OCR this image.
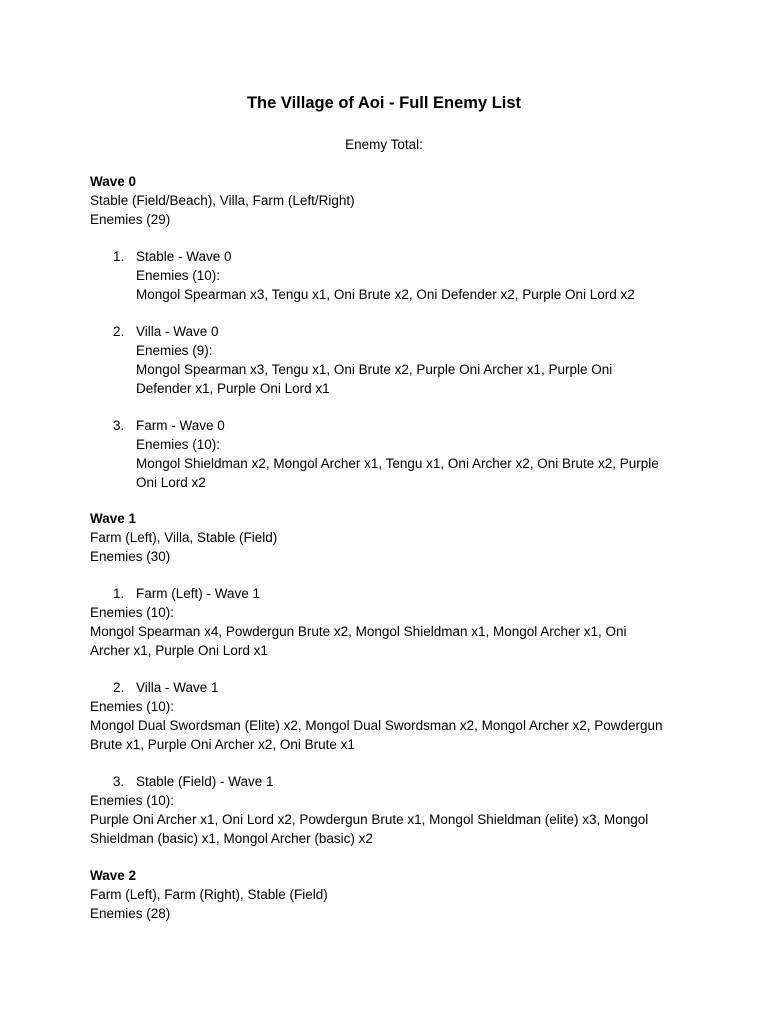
The Village of Aoi - Full Enemy List
Enemy Total:
Wave 0
Stable (Field/Beach), Villa, Farm (Left/Right)
Enemies (29)
1. Stable - Wave 0
Enemies (10):
Mongol Spearman x3, Tengu x1, Oni Brute x2, Oni Defender x2, Purple Oni Lord x2
2. Villa - Wave 0
Enemies (9):
Mongol Spearman x3, Tengu x1, Oni Brute x2, Purple Oni Archer x1, Purple Oni
Defender x1, Purple Oni Lord x1
3. Farm - Wave 0
Enemies (10):
Mongol Shieldman x2, Mongol Archer x1, Tengu x1, Oni Archer x2, Oni Brute x2, Purple
Oni Lord x2
Wave 1
Farm (Left), Villa, Stable (Field)
Enemies (30)
1. Farm (Left) - Wave 1
Enemies (10):
Mongol Spearman x4, Powdergun Brute x2, Mongol Shieldman x1, Mongol Archer x1, Oni
Archer x1, Purple Oni Lord x1
2. Villa - Wave 1
Enemies (10):
Mongol Dual Swordsman (Elite) x2, Mongol Dual Swordsman x2, Mongol Archer x2, Powdergun
Brute x1, Purple Oni Archer x2, Oni Brute x1
3. Stable (Field) - Wave 1
Enemies (10):
Purple Oni Archer x1, Oni Lord x2, Powdergun Brute x1, Mongol Shieldman (elite) x3, Mongol
Shieldman (basic) x1, Mongol Archer (basic) x2
Wave 2
Farm (Left), Farm (Right), Stable (Field)
Enemies (28)
